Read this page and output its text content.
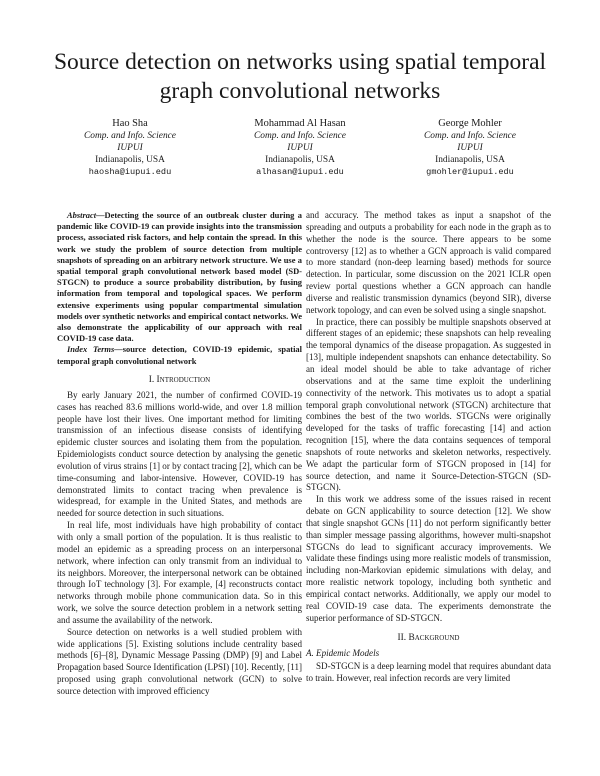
Source detection on networks using spatial temporal graph convolutional networks
Hao Sha
Comp. and Info. Science
IUPUI
Indianapolis, USA
haosha@iupui.edu
Mohammad Al Hasan
Comp. and Info. Science
IUPUI
Indianapolis, USA
alhasan@iupui.edu
George Mohler
Comp. and Info. Science
IUPUI
Indianapolis, USA
gmohler@iupui.edu

Abstract—Detecting the source of an outbreak cluster during a pandemic like COVID-19 can provide insights into the transmission process, associated risk factors, and help contain the spread. In this work we study the problem of source detection from multiple snapshots of spreading on an arbitrary network structure. We use a spatial temporal graph convolutional network based model (SD-STGCN) to produce a source probability distribution, by fusing information from temporal and topological spaces. We perform extensive experiments using popular compartmental simulation models over synthetic networks and empirical contact networks. We also demonstrate the applicability of our approach with real COVID-19 case data.

Index Terms—source detection, COVID-19 epidemic, spatial temporal graph convolutional network

I. Introduction

By early January 2021, the number of confirmed COVID-19 cases has reached 83.6 millions world-wide, and over 1.8 million people have lost their lives. One important method for limiting transmission of an infectious disease consists of identifying epidemic cluster sources and isolating them from the population. Epidemiologists conduct source detection by analysing the genetic evolution of virus strains [1] or by contact tracing [2], which can be time-consuming and labor-intensive. However, COVID-19 has demonstrated limits to contact tracing when prevalence is widespread, for example in the United States, and methods are needed for source detection in such situations.

In real life, most individuals have high probability of contact with only a small portion of the population. It is thus realistic to model an epidemic as a spreading process on an interpersonal network, where infection can only transmit from an individual to its neighbors. Moreover, the interpersonal network can be obtained through IoT technology [3]. For example, [4] reconstructs contact networks through mobile phone communication data. So in this work, we solve the source detection problem in a network setting and assume the availability of the network.

Source detection on networks is a well studied problem with wide applications [5]. Existing solutions include centrality based methods [6]–[8], Dynamic Message Passing (DMP) [9] and Label Propagation based Source Identification (LPSI) [10]. Recently, [11] proposed using graph convolutional network (GCN) to solve source detection with improved efficiency

and accuracy. The method takes as input a snapshot of the spreading and outputs a probability for each node in the graph as to whether the node is the source. There appears to be some controversy [12] as to whether a GCN approach is valid compared to more standard (non-deep learning based) methods for source detection. In particular, some discussion on the 2021 ICLR open review portal questions whether a GCN approach can handle diverse and realistic transmission dynamics (beyond SIR), diverse network topology, and can even be solved using a single snapshot.

In practice, there can possibly be multiple snapshots observed at different stages of an epidemic; these snapshots can help revealing the temporal dynamics of the disease propagation. As suggested in [13], multiple independent snapshots can enhance detectability. So an ideal model should be able to take advantage of richer observations and at the same time exploit the underlining connectivity of the network. This motivates us to adopt a spatial temporal graph convolutional network (STGCN) architecture that combines the best of the two worlds. STGCNs were originally developed for the tasks of traffic forecasting [14] and action recognition [15], where the data contains sequences of temporal snapshots of route networks and skeleton networks, respectively. We adapt the particular form of STGCN proposed in [14] for source detection, and name it Source-Detection-STGCN (SD-STGCN).

In this work we address some of the issues raised in recent debate on GCN applicability to source detection [12]. We show that single snapshot GCNs [11] do not perform significantly better than simpler message passing algorithms, however multi-snapshot STGCNs do lead to significant accuracy improvements. We validate these findings using more realistic models of transmission, including non-Markovian epidemic simulations with delay, and more realistic network topology, including both synthetic and empirical contact networks. Additionally, we apply our model to real COVID-19 case data. The experiments demonstrate the superior performance of SD-STGCN.

II. Background
A. Epidemic Models

SD-STGCN is a deep learning model that requires abundant data to train. However, real infection records are very limited
